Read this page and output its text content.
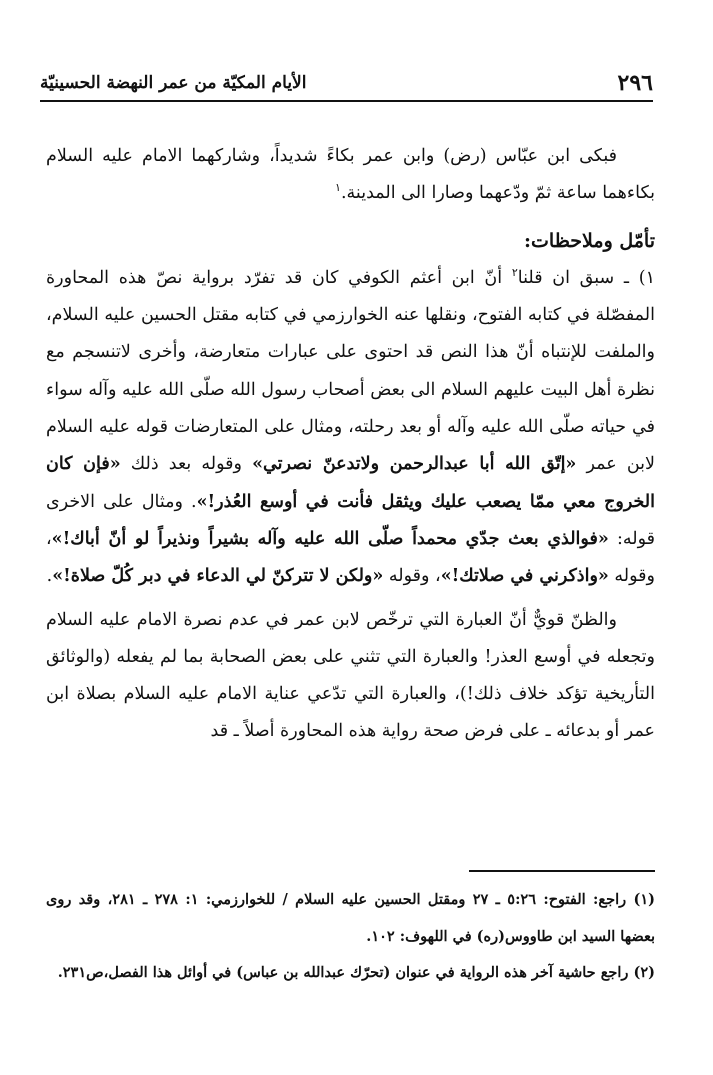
٢٩٦
الأيام المكيّة من عمر النهضة الحسينيّة

فبكى ابن عبّاس (رض) وابن عمر بكاءً شديداً، وشاركهما الامام عليه السلام بكاءهما ساعة ثمّ ودّعهما وصارا الى المدينة.$^١$

تأمّل وملاحظات:

١) ـ سبق ان قلنا$^٢$ أنّ ابن أعثم الكوفي كان قد تفرّد برواية نصّ هذه المحاورة المفصّلة في كتابه الفتوح، ونقلها عنه الخوارزمي في كتابه مقتل الحسين عليه السلام، والملفت للإنتباه أنّ هذا النص قد احتوى على عبارات متعارضة، وأخرى لاتنسجم مع نظرة أهل البيت عليهم السلام الى بعض أصحاب رسول الله صلّى الله عليه وآله سواء في حياته صلّى الله عليه وآله أو بعد رحلته، ومثال على المتعارضات قوله عليه السلام لابن عمر «إتّق الله أبا عبدالرحمن ولاتدعنّ نصرتي» وقوله بعد ذلك «فإن كان الخروج معي ممّا يصعب عليك ويثقل فأنت في أوسع العُذر!». ومثال على الاخرى قوله: «فوالذي بعث جدّي محمداً صلّى الله عليه وآله بشيراً ونذيراً لو أنّ أباك!»، وقوله «واذكرني في صلاتك!»، وقوله «ولكن لا تتركنّ لي الدعاء في دبر كُلّ صلاة!».

والظنّ قويٌّ أنّ العبارة التي ترخّص لابن عمر في عدم نصرة الامام عليه السلام وتجعله في أوسع العذر! والعبارة التي تثني على بعض الصحابة بما لم يفعله (والوثائق التأريخية تؤكد خلاف ذلك!)، والعبارة التي تدّعي عناية الامام عليه السلام بصلاة ابن عمر أو بدعائه ـ على فرض صحة رواية هذه المحاورة أصلاً ـ قد

(١) راجع: الفتوح: ٥:٢٦ ـ ٢٧ ومقتل الحسين عليه السلام / للخوارزمي: ١: ٢٧٨ ـ ٢٨١، وقد روى بعضها السيد ابن طاووس(ره) في اللهوف: ١٠٢.

(٢) راجع حاشية آخر هذه الرواية في عنوان (تحرّك عبدالله بن عباس) في أوائل هذا الفصل،ص٢٣١.
